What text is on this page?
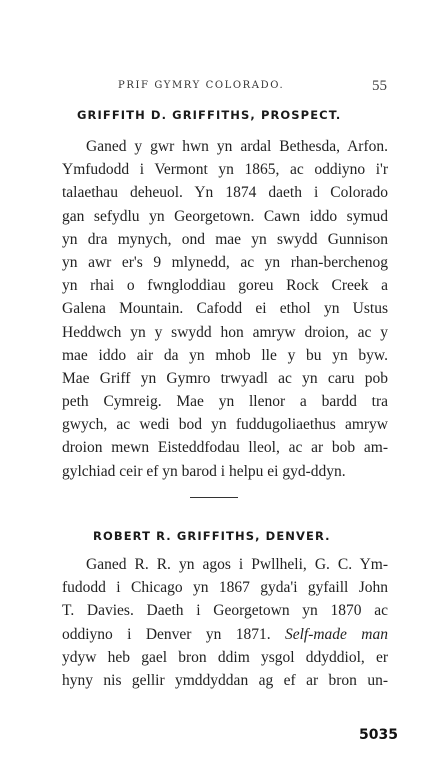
PRIF GYMRY COLORADO.	55
GRIFFITH D. GRIFFITHS, PROSPECT.

Ganed y gwr hwn yn ardal Bethesda, Arfon.
Ymfudodd i Vermont yn 1865, ac oddiyno i'r
talaethau deheuol. Yn 1874 daeth i Colorado
gan sefydlu yn Georgetown. Cawn iddo symud
yn dra mynych, ond mae yn swydd Gunnison
yn awr er's 9 mlynedd, ac yn rhan-berchenog
yn rhai o fwngloddiau goreu Rock Creek a
Galena Mountain. Cafodd ei ethol yn Ustus
Heddwch yn y swydd hon amryw droion, ac y
mae iddo air da yn mhob lle y bu yn byw.
Mae Griff yn Gymro trwyadl ac yn caru pob
peth Cymreig. Mae yn llenor a bardd tra
gwych, ac wedi bod yn fuddugoliaethus amryw
droion mewn Eisteddfodau lleol, ac ar bob am-
gylchiad ceir ef yn barod i helpu ei gyd-ddyn.

ROBERT R. GRIFFITHS, DENVER.

Ganed R. R. yn agos i Pwllheli, G. C. Ym-
fudodd i Chicago yn 1867 gyda'i gyfaill John
T. Davies. Daeth i Georgetown yn 1870 ac
oddiyno i Denver yn 1871. Self-made man
ydyw heb gael bron ddim ysgol ddyddiol, er
hyny nis gellir ymddyddan ag ef ar bron un-

5035
